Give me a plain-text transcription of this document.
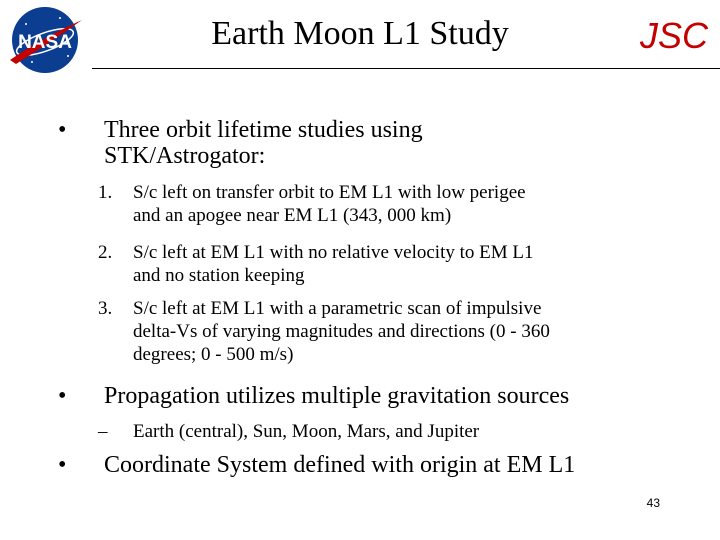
NASA	Earth Moon L1 Study	JSC
• Three orbit lifetime studies using
STK/Astrogator:
1. S/c left on transfer orbit to EM L1 with low perigee
and an apogee near EM L1 (343, 000 km)
2. S/c left at EM L1 with no relative velocity to EM L1
and no station keeping
3. S/c left at EM L1 with a parametric scan of impulsive
delta-Vs of varying magnitudes and directions (0 - 360
degrees; 0 - 500 m/s)
• Propagation utilizes multiple gravitation sources
– Earth (central), Sun, Moon, Mars, and Jupiter
• Coordinate System defined with origin at EM L1
43
